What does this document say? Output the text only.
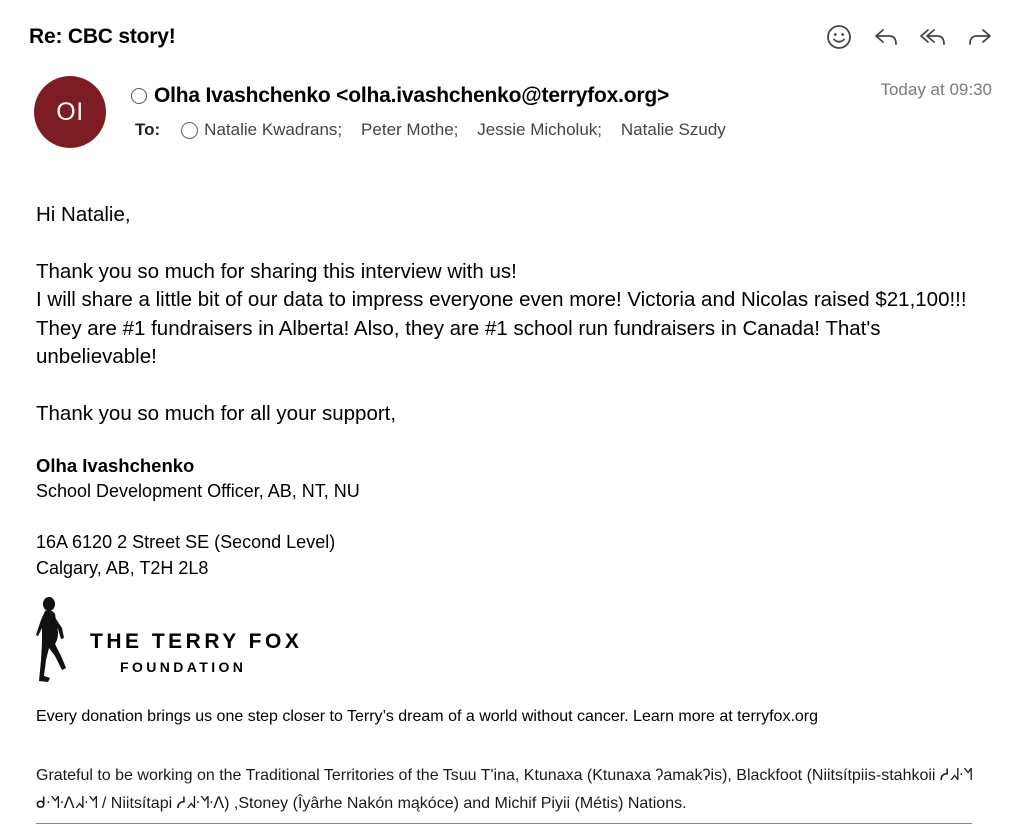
Re: CBC story!
OI
Olha Ivashchenko <olha.ivashchenko@terryfox.org>	Today at 09:30
To:	Natalie Kwadrans;
Peter Mothe;
Jessie Micholuk;
Natalie Szudy

Hi Natalie,

Thank you so much for sharing this interview with us!

I will share a little bit of our data to impress everyone even more! Victoria and Nicolas raised $21,100!!! They are #1 fundraisers in Alberta! Also, they are #1 school run fundraisers in Canada! That's unbelievable!

Thank you so much for all your support,

Olha Ivashchenko
School Development Officer, AB, NT, NU
16A 6120 2 Street SE (Second Level)
Calgary, AB, T2H 2L8
THE TERRY FOX
FOUNDATION
Every donation brings us one step closer to Terry’s dream of a world without cancer. Learn more at terryfox.org
Grateful to be working on the Traditional Territories of the Tsuu T'ina, Ktunaxa (Ktunaxa ʔamakʔis), Blackfoot (Niitsítpiis-stahkoii ᓱᖽᐧᖿ ᑯᐧᖿᐧᐱᖽᐧᖿ / Niitsítapi ᓱᖽᐧᖿᐧᐱ) ,Stoney (Îyârhe Nakón mąkóce) and Michif Piyii (Métis) Nations.
